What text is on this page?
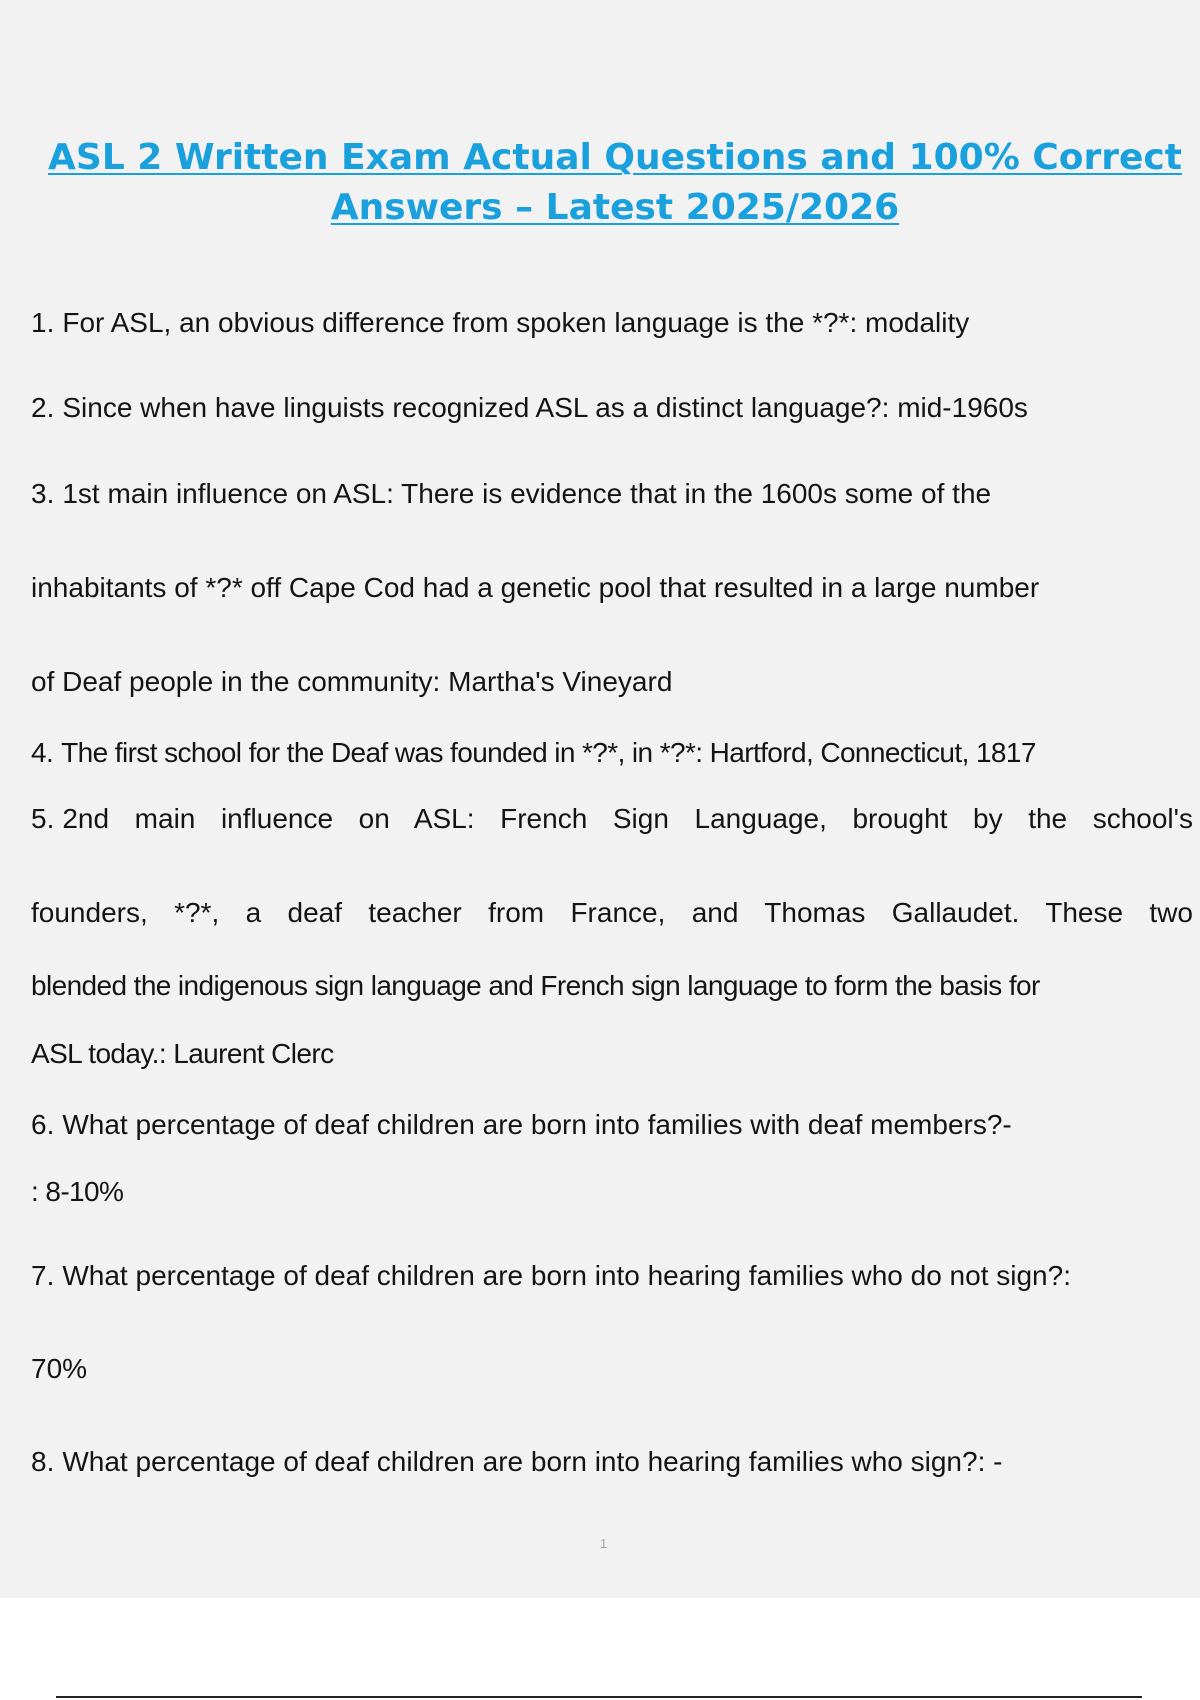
ASL 2 Written Exam Actual Questions and 100% Correct
Answers – Latest 2025/2026

1. For ASL, an obvious difference from spoken language is the *?*: modality

2. Since when have linguists recognized ASL as a distinct language?: mid-1960s

3. 1st main influence on ASL: There is evidence that in the 1600s some of the

inhabitants of *?* off Cape Cod had a genetic pool that resulted in a large number

of Deaf people in the community: Martha's Vineyard

4. The first school for the Deaf was founded in *?*, in *?*: Hartford, Connecticut, 1817

5. 2nd main influence on ASL: French Sign Language, brought by the school's

founders, *?*, a deaf teacher from France, and Thomas Gallaudet. These two

blended the indigenous sign language and French sign language to form the basis for

ASL today.: Laurent Clerc

6. What percentage of deaf children are born into families with deaf members?-

: 8-10%

7. What percentage of deaf children are born into hearing families who do not sign?:

70%

8. What percentage of deaf children are born into hearing families who sign?: -

1
